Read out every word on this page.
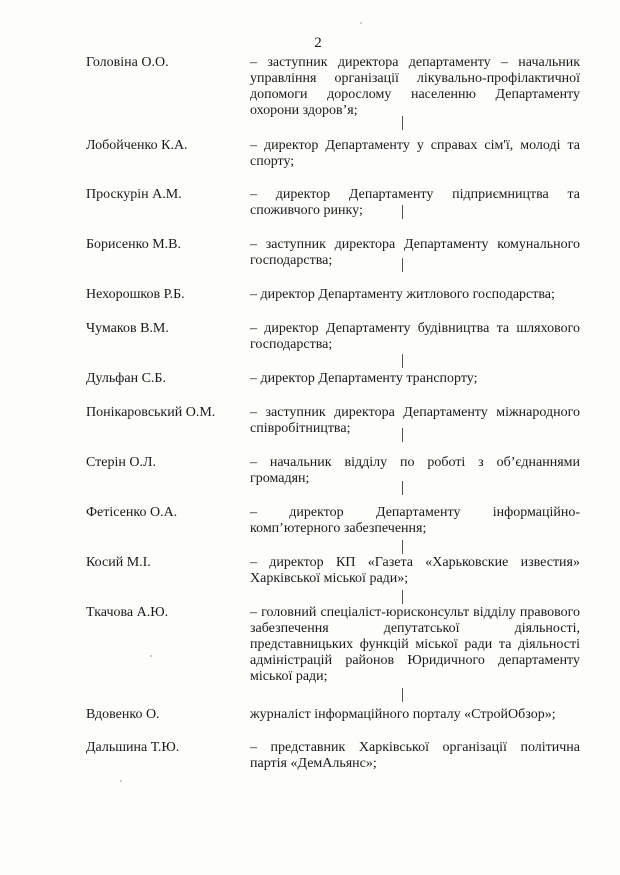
2
Головіна О.О.	– заступник директора департаменту – начальник управління організації лікувально-профілактичної допомоги дорослому населенню Департаменту охорони здоров’я;
Лобойченко К.А.	– директор Департаменту у справах сім'ї, молоді та спорту;
Проскурін А.М.	– директор Департаменту підприємництва та споживчого ринку;
Борисенко М.В.	– заступник директора Департаменту комунального господарства;
Нехорошков Р.Б.	– директор Департаменту житлового господарства;
Чумаков В.М.	– директор Департаменту будівництва та шляхового господарства;
Дульфан С.Б.	– директор Департаменту транспорту;
Понікаровський О.М. – заступник директора Департаменту міжнародного співробітництва;
Стерін О.Л.	– начальник відділу по роботі з об’єднаннями громадян;
Фетісенко О.А.	– директор Департаменту інформаційно-комп’ютерного забезпечення;
Косий М.І.	– директор КП «Газета «Харьковские известия» Харківської міської ради»;
Ткачова А.Ю.	– головний спеціаліст-юрисконсульт відділу правового забезпечення депутатської діяльності, представницьких функцій міської ради та діяльності адміністрацій районов Юридичного департаменту міської ради;
Вдовенко О.	журналіст інформаційного порталу «СтройОбзор»;
Дальшина Т.Ю.	– представник Харківської організації політична партія «ДемАльянс»;
